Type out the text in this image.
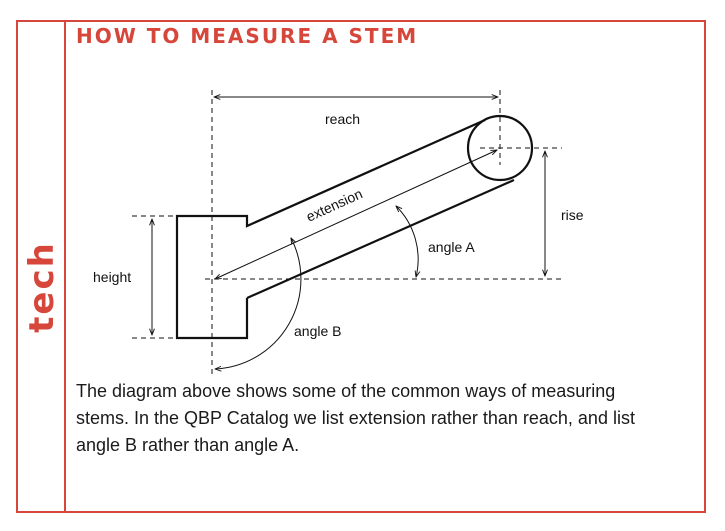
tech
HOW TO MEASURE A STEM
reach
extension	rise
height
angle A
angle B

The diagram above shows some of the common ways of measuring stems. In the QBP Catalog we list extension rather than reach, and list angle B rather than angle A.
